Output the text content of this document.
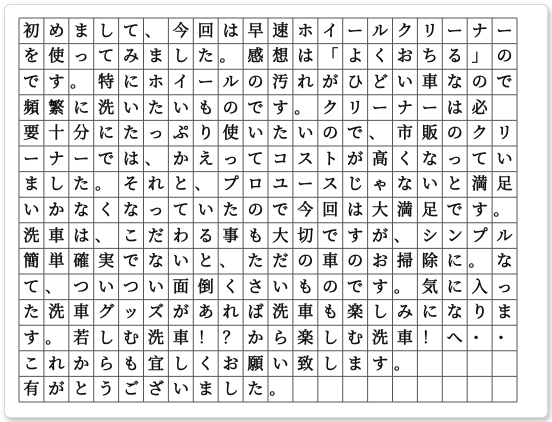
初 め ま し て 、 今 回 は 早 速 ホ イ ー ル ク リ ー ナ ー
を 使 っ て み ま し た 。 感 想 は 「 よ く お ち る 」 の
で す 。 特 に ホ イ ー ル の 汚 れ が ひ ど い 車 な の で
頻 繁 に 洗 い た い も の で す 。 ク リ ー ナ ー は 必
要 十 分 に た っ ぷ り 使 い た い の で 、 市 販 の ク リ
ー ナ ー で は 、 か え っ て コ ス ト が 高 く な っ て い
ま し た 。 そ れ と 、 プ ロ ユ ー ス じ ゃ な い と 満 足
い か な く な っ て い た の で 今 回 は 大 満 足 で す 。
洗 車 は 、 こ だ わ る 事 も 大 切 で す が 、 シ ン プ ル
簡 単 確 実 で な い と 、 た だ の 車 の お 掃 除 に 。 な
て 、 つ い つ い 面 倒 く さ い も の で す 。 気 に 入 っ
た 洗 車 グ ッ ズ が あ れ ば 洗 車 も 楽 し み に な り ま
す 。 若 し む 洗 車 ！ ？ か ら 楽 し む 洗 車 ！ へ ・ ・
こ れ か ら も 宜 し く お 願 い 致 し ま す 。
有 が と う ご ざ い ま し た 。
